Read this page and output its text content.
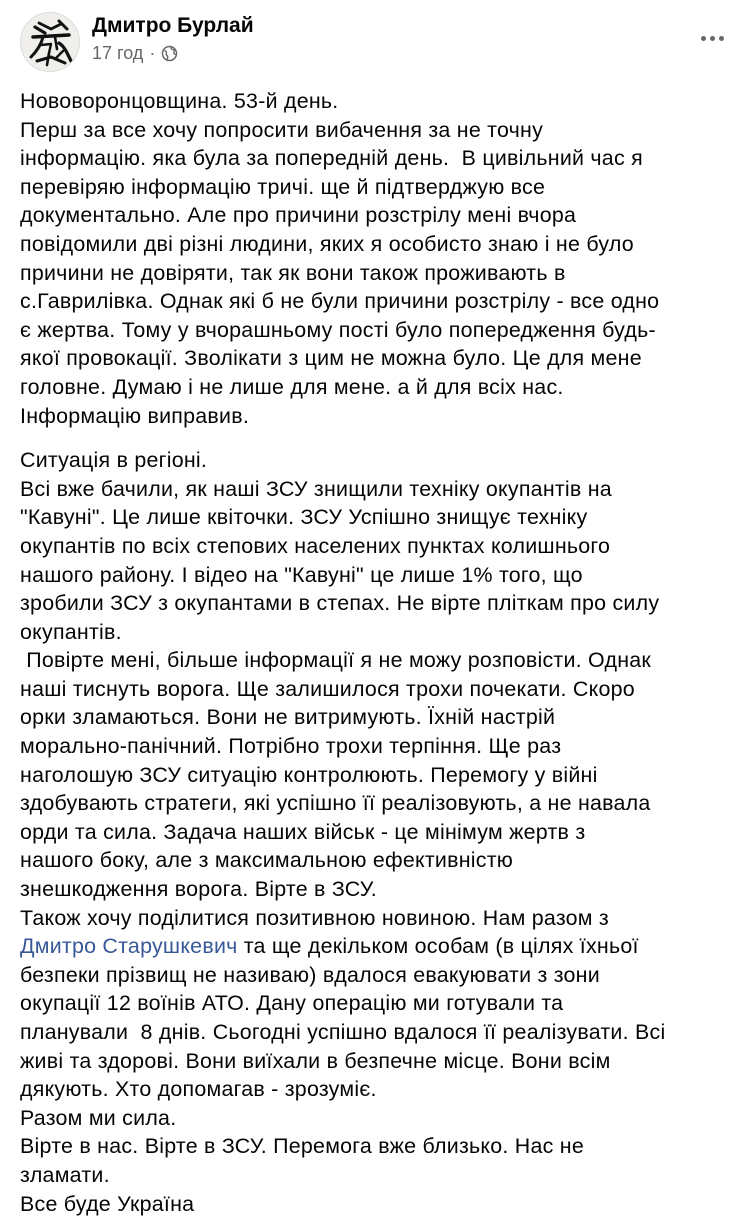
Дмитро Бурлай
17 год ·
Нововоронцовщина. 53-й день.
Перш за все хочу попросити вибачення за не точну
інформацію. яка була за попередній день.  В цивільний час я
перевіряю інформацію тричі. ще й підтверджую все
документально. Але про причини розстрілу мені вчора
повідомили дві різні людини, яких я особисто знаю і не було
причини не довіряти, так як вони також проживають в
с.Гаврилівка. Однак які б не були причини розстрілу - все одно
є жертва. Тому у вчорашньому пості було попередження будь-
якої провокації. Зволікати з цим не можна було. Це для мене
головне. Думаю і не лише для мене. а й для всіх нас.
Інформацію виправив.
Ситуація в регіоні.
Всі вже бачили, як наші ЗСУ знищили техніку окупантів на
"Кавуні". Це лише квіточки. ЗСУ Успішно знищує техніку
окупантів по всіх степових населених пунктах колишнього
нашого району. І відео на "Кавуні" це лише 1% того, що
зробили ЗСУ з окупантами в степах. Не вірте пліткам про силу
окупантів.
Повірте мені, більше інформації я не можу розповісти. Однак
наші тиснуть ворога. Ще залишилося трохи почекати. Скоро
орки зламаються. Вони не витримують. Їхній настрій
морально-панічний. Потрібно трохи терпіння. Ще раз
наголошую ЗСУ ситуацію контролюють. Перемогу у війні
здобувають стратеги, які успішно її реалізовують, а не навала
орди та сила. Задача наших військ - це мінімум жертв з
нашого боку, але з максимальною ефективністю
знешкодження ворога. Вірте в ЗСУ.
Також хочу поділитися позитивною новиною. Нам разом з
Дмитро Старушкевич та ще декільком особам (в цілях їхньої
безпеки прізвищ не називаю) вдалося евакуювати з зони
окупації 12 воїнів АТО. Дану операцію ми готували та
планували  8 днів. Сьогодні успішно вдалося її реалізувати. Всі
живі та здорові. Вони виїхали в безпечне місце. Вони всім
дякують. Хто допомагав - зрозуміє.
Разом ми сила.
Вірте в нас. Вірте в ЗСУ. Перемога вже близько. Нас не
зламати.
Все буде Україна
